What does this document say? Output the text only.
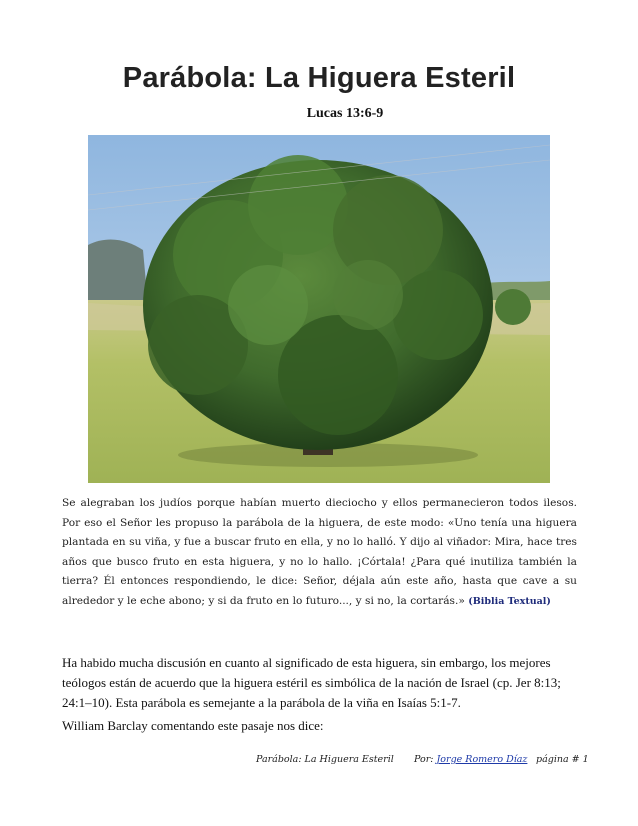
Parábola: La Higuera Esteril

Lucas 13:6-9

Se alegraban los judíos porque habían muerto dieciocho y ellos permanecieron todos ilesos. Por eso el Señor les propuso la parábola de la higuera, de este modo: «Uno tenía una higuera plantada en su viña, y fue a buscar fruto en ella, y no lo halló. Y dijo al viñador: Mira, hace tres años que busco fruto en esta higuera, y no lo hallo. ¡Córtala! ¿Para qué inutiliza también la tierra? Él entonces respondiendo, le dice: Señor, déjala aún este año, hasta que cave a su alrededor y le eche abono; y si da fruto en lo futuro..., y si no, la cortarás.» (Biblia Textual)

Ha habido mucha discusión en cuanto al significado de esta higuera, sin embargo, los mejores teólogos están de acuerdo que la higuera estéril es simbólica de la nación de Israel (cp. Jer 8:13; 24:1–10). Esta parábola es semejante a la parábola de la viña en Isaías 5:1-7.

William Barclay comentando este pasaje nos dice:

Parábola: La Higuera Esteril Por: Jorge Romero Díaz página # 1
